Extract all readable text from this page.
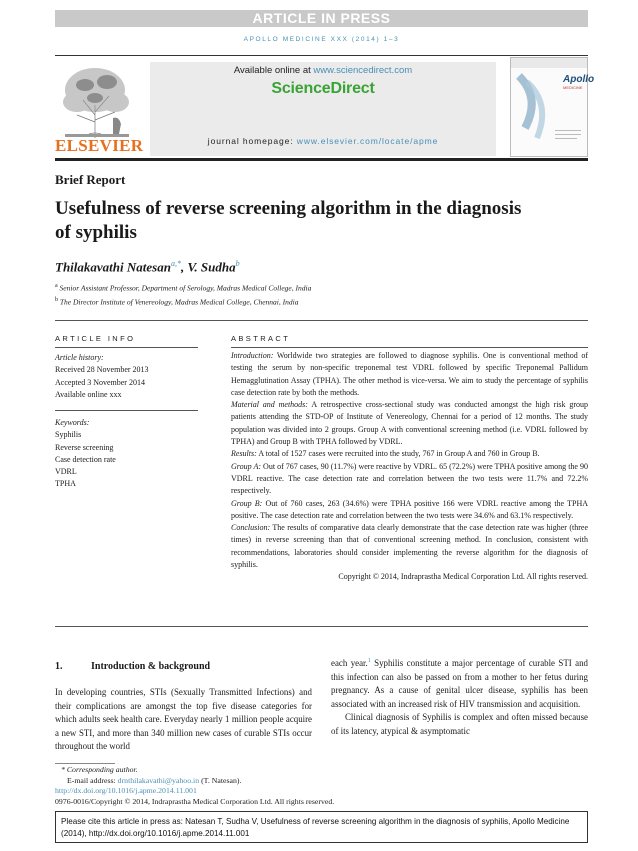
ARTICLE IN PRESS
APOLLO MEDICINE XXX (2014) 1–3
ELSEVIER
Available online at www.sciencedirect.com
ScienceDirect
journal homepage: www.elsevier.com/locate/apme
Apollo
MEDICINE
Brief Report
Usefulness of reverse screening algorithm in the diagnosis of syphilis
Thilakavathi Natesan$^{a,*}$, V. Sudha$^b$
$^a$ Senior Assistant Professor, Department of Serology, Madras Medical College, India
$^b$ The Director Institute of Venereology, Madras Medical College, Chennai, India
ARTICLE INFO
Article history:
Received 28 November 2013
Accepted 3 November 2014
Available online xxx
Keywords:
Syphilis
Reverse screening
Case detection rate
VDRL
TPHA
ABSTRACT

Introduction: Worldwide two strategies are followed to diagnose syphilis. One is conventional method of testing the serum by non-specific treponemal test VDRL followed by specific Treponemal Pallidum Hemagglutination Assay (TPHA). The other method is vice-versa. We aim to study the percentage of syphilis case detection rate by both the methods.

Material and methods: A retrospective cross-sectional study was conducted amongst the high risk group patients attending the STD-OP of Institute of Venereology, Chennai for a period of 12 months. The study population was divided into 2 groups. Group A with conventional screening method (i.e. VDRL followed by TPHA) and Group B with TPHA followed by VDRL.

Results: A total of 1527 cases were recruited into the study, 767 in Group A and 760 in Group B.

Group A: Out of 767 cases, 90 (11.7%) were reactive by VDRL. 65 (72.2%) were TPHA positive among the 90 VDRL reactive. The case detection rate and correlation between the two tests were 11.7% and 72.2% respectively.

Group B: Out of 760 cases, 263 (34.6%) were TPHA positive 166 were VDRL reactive among the TPHA positive. The case detection rate and correlation between the two tests were 34.6% and 63.1% respectively.

Conclusion: The results of comparative data clearly demonstrate that the case detection rate was higher (three times) in reverse screening than that of conventional screening method. In conclusion, consistent with recommendations, laboratories should consider implementing the reverse algorithm for the diagnosis of syphilis.

Copyright © 2014, Indraprastha Medical Corporation Ltd. All rights reserved.

1.	Introduction & background

In developing countries, STIs (Sexually Transmitted Infections) and their complications are amongst the top five disease categories for which adults seek health care. Everyday nearly 1 million people acquire a new STI, and more than 340 million new cases of curable STIs occur throughout the world

each year.$^1$ Syphilis constitute a major percentage of curable STI and this infection can also be passed on from a mother to her fetus during pregnancy. As a cause of genital ulcer disease, syphilis has been associated with an increased risk of HIV transmission and acquisition.

Clinical diagnosis of Syphilis is complex and often missed because of its latency, atypical & asymptomatic

* Corresponding author.
E-mail address: drnthilakavathi@yahoo.in (T. Natesan).
http://dx.doi.org/10.1016/j.apme.2014.11.001
0976-0016/Copyright © 2014, Indraprastha Medical Corporation Ltd. All rights reserved.
Please cite this article in press as: Natesan T, Sudha V, Usefulness of reverse screening algorithm in the diagnosis of syphilis, Apollo Medicine (2014), http://dx.doi.org/10.1016/j.apme.2014.11.001
